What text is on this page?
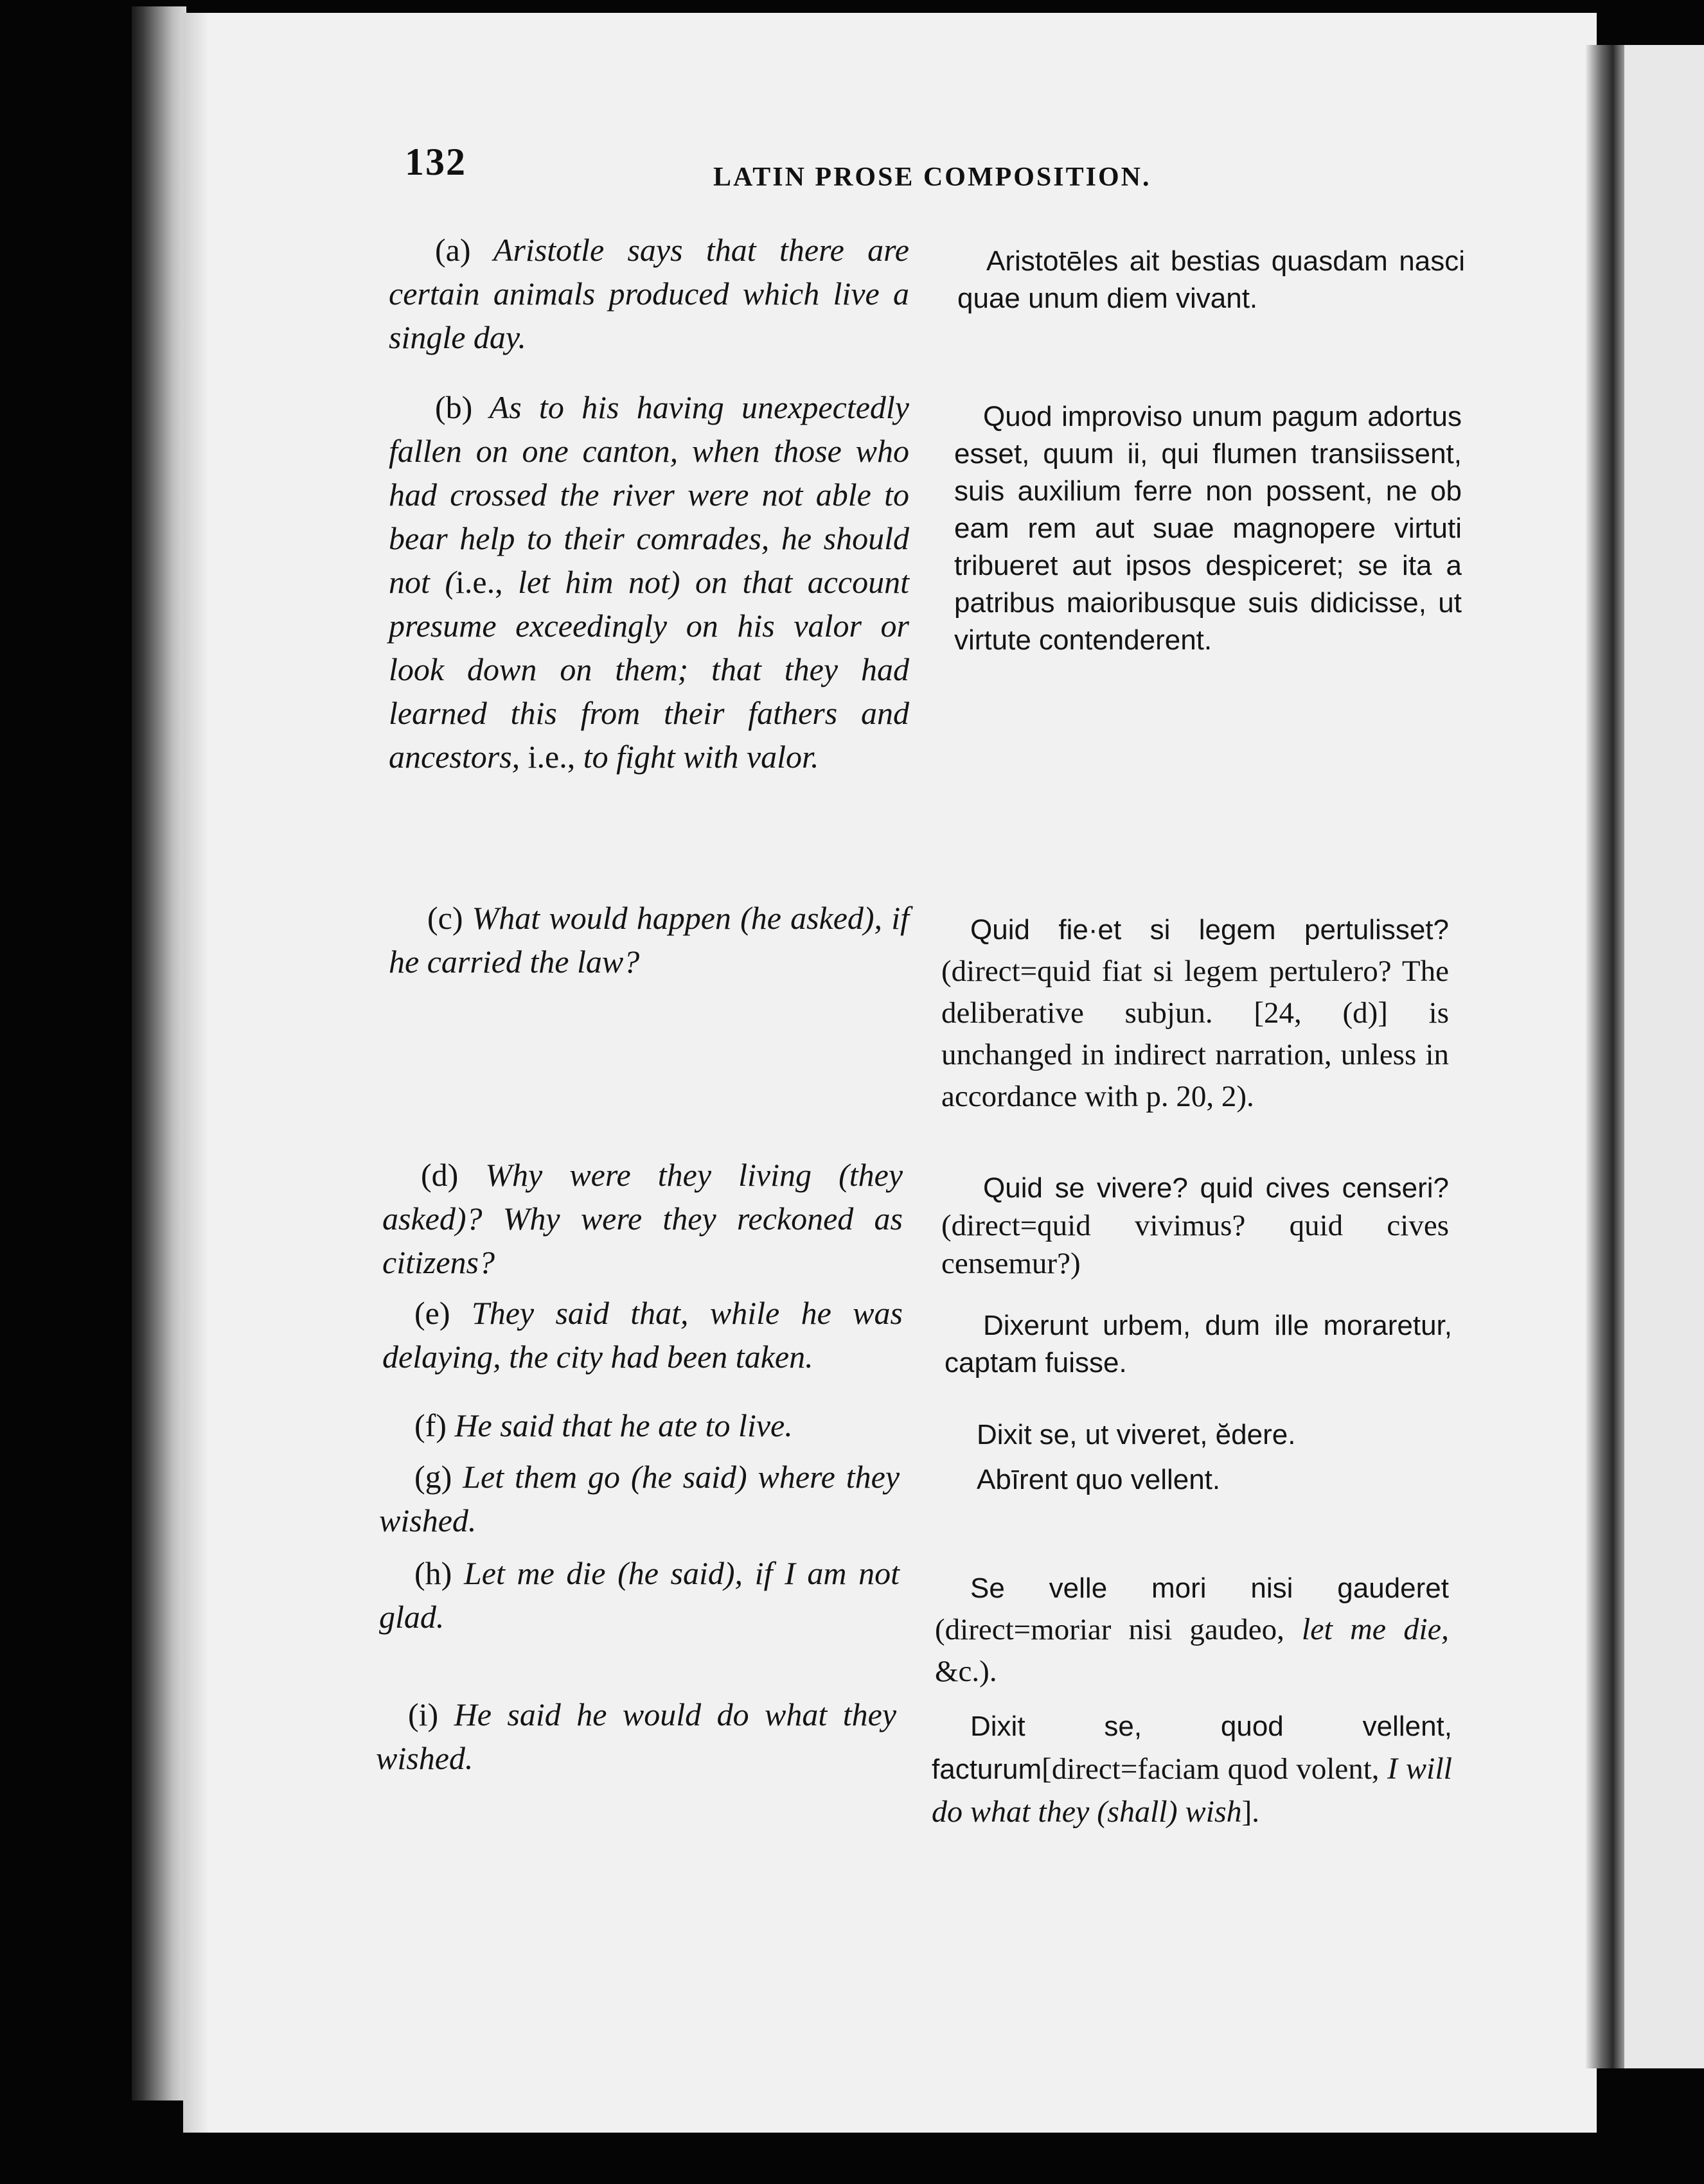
132	LATIN PROSE COMPOSITION.
(a) Aristotle says that there are certain animals produced which live a single day.
Aristotēles ait bestias quasdam nasci quae unum diem vivant.
(b) As to his having unexpectedly fallen on one canton, when those who had crossed the river were not able to bear help to their comrades, he should not (i.e., let him not) on that account presume exceedingly on his valor or look down on them; that they had learned this from their fathers and ancestors, i.e., to fight with valor.
Quod improviso unum pagum adortus esset, quum ii, qui flumen transiissent, suis auxilium ferre non possent, ne ob eam rem aut suae magnopere virtuti tribueret aut ipsos despiceret; se ita a patribus maioribusque suis didicisse, ut virtute contenderent.
(c) What would happen (he asked), if he carried the law?
Quid fie·et si legem pertulisset? (direct=quid fiat si legem pertulero? The deliberative subjun. [24, (d)] is unchanged in indirect narration, unless in accordance with p. 20, 2).
(d) Why were they living (they asked)? Why were they reckoned as citizens?
Quid se vivere? quid cives censeri? (direct=quid vivimus? quid cives censemur?)
(e) They said that, while he was delaying, the city had been taken.
Dixerunt urbem, dum ille moraretur, captam fuisse.
(f) He said that he ate to live.	Dixit se, ut viveret, ĕdere.
(g) Let them go (he said) where they wished.
Abīrent quo vellent.
(h) Let me die (he said), if I am not glad.
Se velle mori nisi gauderet (direct=moriar nisi gaudeo, let me die, &c.).
(i) He said he would do what they wished.
Dixit se, quod vellent, facturum[direct=faciam quod volent, I will do what they (shall) wish].
